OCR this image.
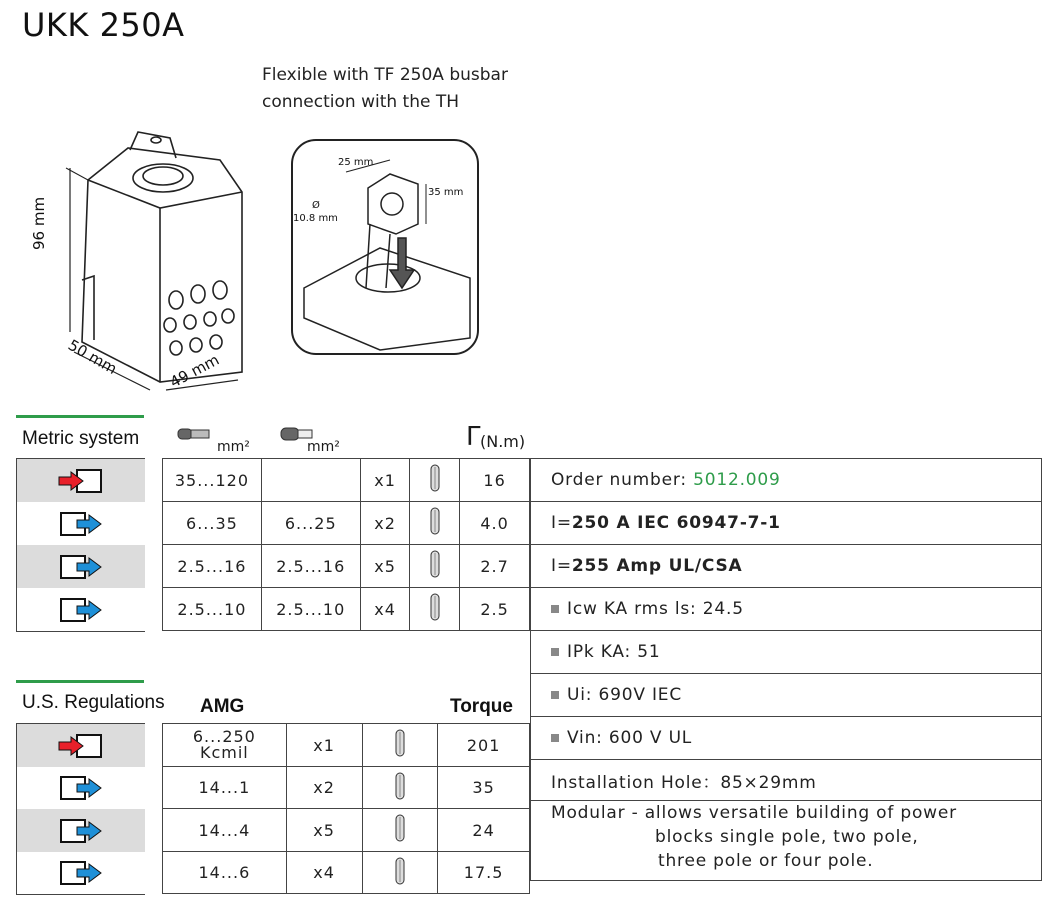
UKK 250A
Flexible with TF 250A busbar
connection with the TH
96 mm
50 mm	49 mm
25 mm
35 mm
Ø
10.8 mm
Metric system	mm²	mm²	Γ (N.m)
35...120		x1		16
6...35	6...25	x2		4.0
2.5...16	2.5...16	x5		2.7
2.5...10	2.5...10	x4		2.5
U.S. Regulations AMG	Torque
6...250
Kcmil	x1		201
14...1	x2		35
14...4	x5		24
14...6	x4		17.5
Order number: 5012.009
I=250 A IEC 60947-7-1
I=255 Amp UL/CSA
Icw KA rms ls: 24.5
IPk KA: 51
Ui: 690V IEC
Vin: 600 V UL
Installation Hole：85×29mm

Modular - allows versatile building of power
blocks single pole, two pole,
three pole or four pole.
